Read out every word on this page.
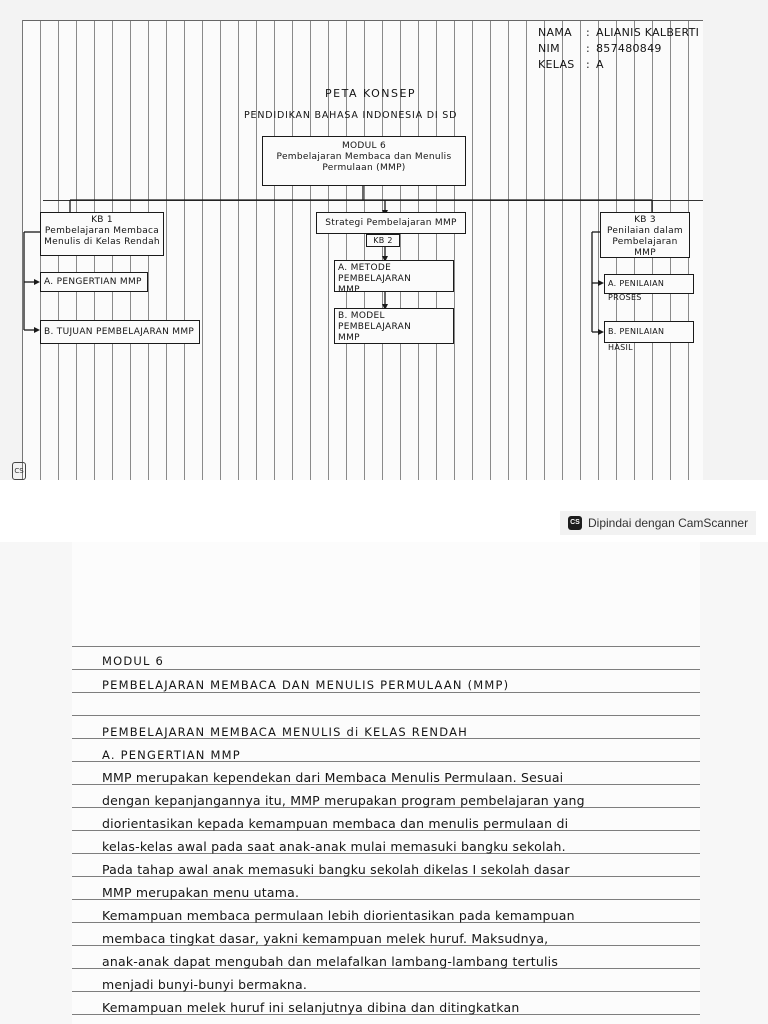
NAMA	: ALIANIS KALBERTI
NIM	: 857480849
KELAS	: A
PETA KONSEP
PENDIDIKAN BAHASA INDONESIA DI SD
MODUL 6
Pembelajaran Membaca dan Menulis
Permulaan (MMP)
KB 1
Pembelajaran Membaca
Menulis di Kelas Rendah
A. PENGERTIAN MMP
B. TUJUAN PEMBELAJARAN MMP
Strategi Pembelajaran MMP
KB 2
A. METODE PEMBELAJARAN
MMP
B. MODEL PEMBELAJARAN
MMP
KB 3
Penilaian dalam
Pembelajaran MMP
A. PENILAIAN PROSES
B. PENILAIAN HASIL
CS
CS Dipindai dengan CamScanner
MODUL 6
PEMBELAJARAN MEMBACA DAN MENULIS PERMULAAN (MMP)
PEMBELAJARAN MEMBACA MENULIS di KELAS RENDAH
A. PENGERTIAN MMP
MMP merupakan kependekan dari Membaca Menulis Permulaan. Sesuai
dengan kepanjangannya itu, MMP merupakan program pembelajaran yang
diorientasikan kepada kemampuan membaca dan menulis permulaan di
kelas-kelas awal pada saat anak-anak mulai memasuki bangku sekolah.
Pada tahap awal anak memasuki bangku sekolah dikelas I sekolah dasar
MMP merupakan menu utama.
Kemampuan membaca permulaan lebih diorientasikan pada kemampuan
membaca tingkat dasar, yakni kemampuan melek huruf. Maksudnya,
anak-anak dapat mengubah dan melafalkan lambang-lambang tertulis
menjadi bunyi-bunyi bermakna.
Kemampuan melek huruf ini selanjutnya dibina dan ditingkatkan
